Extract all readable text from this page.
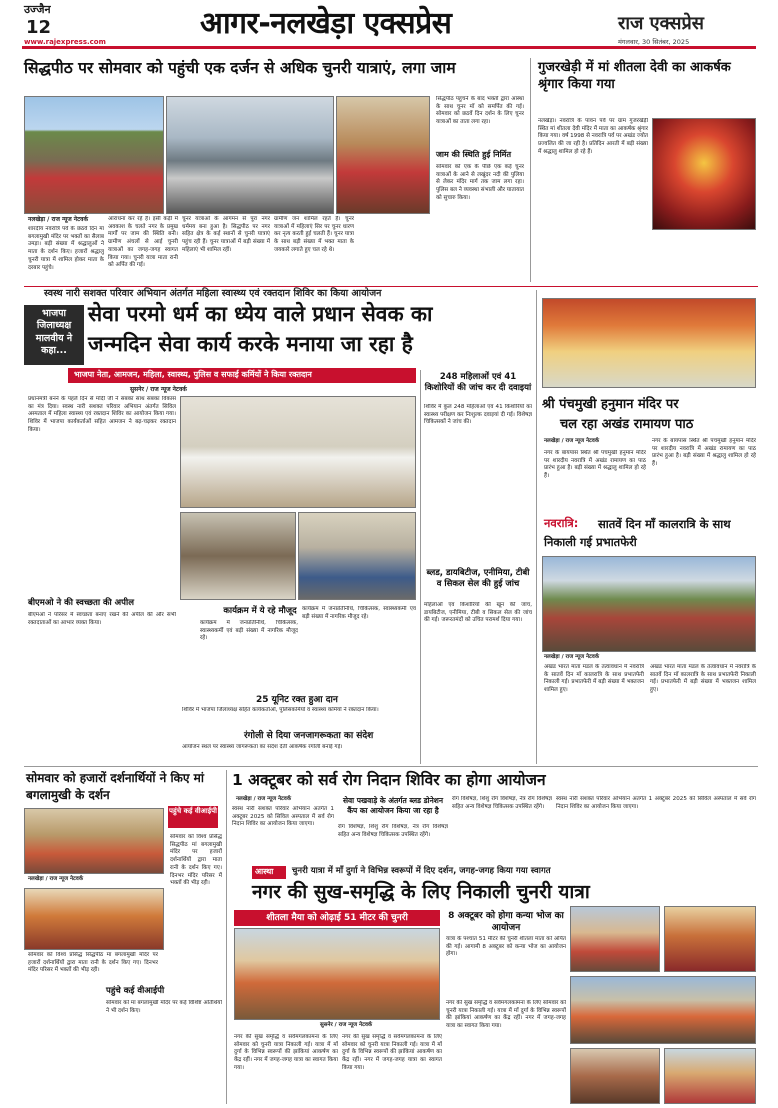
उज्जैन
12	आगर-नलखेड़ा एक्सप्रेस	राज एक्सप्रेस
www.rajexpress.com	मंगलवार, 30 सितंबर, 2025
सिद्धपीठ पर सोमवार को पहुंची एक दर्जन से अधिक चुनरी यात्राएं, लगा जाम
नलखेड़ा / राज न्यूज नेटवर्क
शारदीय नवरात्रि पर्व के छठवें दिन मां बगलामुखी मंदिर पर भक्तों का सैलाब उमड़ा। बड़ी संख्या में श्रद्धालुओं ने माता के दर्शन किए। हजारों श्रद्धालु चुनरी यात्रा में शामिल होकर माता के दरबार पहुंचे।
आराधना कर रहे हैं। इसी कड़ी में अवकाश के चलते नगर के प्रमुख मार्गों पर जाम की स्थिति बनी। ग्रामीण अंचलों से आई चुनरी यात्राओं का जगह-जगह स्वागत किया गया। चुनरी यात्रा माता रानी को अर्पित की गई।
चुनर यात्राओं के आगमन से पूरा नगर धर्ममय बना हुआ है। सिद्धपीठ पर नगर सहित क्षेत्र के कई स्थानों से चुनरी यात्राएं पहुंच रही हैं। चुनर यात्राओं में बड़ी संख्या में महिलाएं भी शामिल रहीं।
ग्रामीण जन शामिल रहते हैं। चुनर यात्राओं में महिलाएं सिर पर चुनर धारण कर नृत्य करती हुई चलती हैं। चुनर यात्रा के साथ बड़ी संख्या में भक्त माता के जयकारे लगाते हुए चल रहे थे।
सिद्धपीठ पहुंचने के बाद भक्तों द्वारा आस्था के साथ चुनर माँ को समर्पित की गई। सोमवार को छठवें दिन दर्शन के लिए चुनर यात्राओं का ताता लगा रहा।
जाम की स्थिति हुई निर्मित
सोमवार को एक के पीछे एक कई चुनर यात्राओं के आने से लखुंदर नदी की पुलिया से लेकर मंदिर मार्ग तक जाम लगा रहा। पुलिस बल ने व्यवस्था संभाली और यातायात को सुचारु किया।
गुजरखेड़ी में मां शीतला देवी का आकर्षक श्रृंगार किया गया
नलखेड़ा। नवरात्रि के पावन पर्व पर ग्राम गुजरखेड़ी स्थित मां शीतला देवी मंदिर में माता का आकर्षक श्रृंगार किया गया। वर्ष 1998 से नवरात्रि पर्व पर अखंड ज्योत प्रज्वलित की जा रही है। प्रतिदिन आरती में बड़ी संख्या में श्रद्धालु शामिल हो रहे हैं।
स्वस्थ नारी सशक्त परिवार अभियान अंतर्गत महिला स्वास्थ्य एवं रक्तदान शिविर का किया आयोजन
भाजपा जिलाध्यक्ष मालवीय ने कहा...
सेवा परमो धर्म का ध्येय वाले प्रधान सेवक का
जन्मदिन सेवा कार्य करके मनाया जा रहा है
भाजपा नेता, आमजन, महिला, स्वास्थ्य, पुलिस व सफाई कर्मियों ने किया रक्तदान
सुसनेर / राज न्यूज नेटवर्क
प्रधानमंत्री बनने के पहले दिन से मोदी जी ने सबका साथ सबका विकास का मंत्र दिया। स्वस्थ नारी सशक्त परिवार अभियान अंतर्गत सिविल अस्पताल में महिला स्वास्थ्य एवं रक्तदान शिविर का आयोजन किया गया। शिविर में भाजपा कार्यकर्ताओं सहित आमजन ने बढ़-चढ़कर रक्तदान किया।
बीएमओ ने की स्वच्छता की अपील
बीएमओ ने परिसर में स्वच्छता बनाए रखने की अपील की और सभी रक्तदाताओं का आभार व्यक्त किया।
कार्यक्रम में ये रहे मौजूद
कार्यक्रम में जनप्रतिनिधि, चिकित्सक, स्वास्थ्यकर्मी एवं बड़ी संख्या में नागरिक मौजूद रहे।
कार्यक्रम में जनप्रतिनिधि, चिकित्सक, स्वास्थ्यकर्मी एवं बड़ी संख्या में नागरिक मौजूद रहे।
25 यूनिट रक्त हुआ दान
शिविर में भाजपा जिलाध्यक्ष सहित कार्यकर्ताओं, पुलिसकर्मियों व स्वास्थ्य कर्मियों ने रक्तदान किया।
रंगोली से दिया जनजागरूकता का संदेश
आयोजन स्थल पर स्वास्थ्य जागरूकता का संदेश देती आकर्षक रंगोली बनाई गई।
248 महिलाओं एवं 41 किशोरियों की जांच कर दी दवाइयां
शिविर में कुल 248 महिलाओं एवं 41 किशोरियों का स्वास्थ्य परीक्षण कर निःशुल्क दवाइयां दी गई। विशेषज्ञ चिकित्सकों ने जांच की।
ब्लड, डायबिटीज, एनीमिया, टीबी व सिकल सेल की हुई जांच
महिलाओं एवं किशोरियों की खून की जांच, डायबिटीज, एनीमिया, टीबी व सिकल सेल की जांच की गई। जरूरतमंदों को उचित परामर्श दिया गया।
श्री पंचमुखी हनुमान मंदिर पर
चल रहा अखंड रामायण पाठ
नलखेड़ा / राज न्यूज नेटवर्क
नगर के बायपास स्थित श्री पंचमुखी हनुमान मंदिर पर शारदीय नवरात्रि में अखंड रामायण का पाठ प्रारंभ हुआ है। बड़ी संख्या में श्रद्धालु शामिल हो रहे हैं।
नगर के बायपास स्थित श्री पंचमुखी हनुमान मंदिर पर शारदीय नवरात्रि में अखंड रामायण का पाठ प्रारंभ हुआ है। बड़ी संख्या में श्रद्धालु शामिल हो रहे हैं।
नवरात्रि:	सातवें दिन माँ कालरात्रि के साथ निकाली गई प्रभातफेरी
नलखेड़ा / राज न्यूज नेटवर्क
अखंड भारत माता मंडल के तत्वावधान में नवरात्रि के सातवें दिन माँ कालरात्रि के साथ प्रभातफेरी निकाली गई। प्रभातफेरी में बड़ी संख्या में भक्तजन शामिल हुए।
अखंड भारत माता मंडल के तत्वावधान में नवरात्रि के सातवें दिन माँ कालरात्रि के साथ प्रभातफेरी निकाली गई। प्रभातफेरी में बड़ी संख्या में भक्तजन शामिल हुए।
सोमवार को हजारों दर्शनार्थियों ने किए मां बगलामुखी के दर्शन
पहुंचे कई वीआईपी
नलखेड़ा / राज न्यूज नेटवर्क
सोमवार को विश्व प्रसिद्ध सिद्धपीठ मां बगलामुखी मंदिर पर हजारों दर्शनार्थियों द्वारा माता रानी के दर्शन किए गए। दिनभर मंदिर परिसर में भक्तों की भीड़ रही।
सोमवार को विश्व प्रसिद्ध सिद्धपीठ मां बगलामुखी मंदिर पर हजारों दर्शनार्थियों द्वारा माता रानी के दर्शन किए गए। दिनभर मंदिर परिसर में भक्तों की भीड़ रही।
पहुंचे कई वीआईपी
सोमवार को मां बगलामुखी मंदिर पर कई विशिष्ट अतिथियों ने भी दर्शन किए।
1 अक्टूबर को सर्व रोग निदान शिविर का होगा आयोजन
नलखेड़ा / राज न्यूज नेटवर्क
स्वस्थ नारी सशक्त परिवार अभियान अंतर्गत 1 अक्टूबर 2025 को सिविल अस्पताल में सर्व रोग निदान शिविर का आयोजन किया जाएगा।
सेवा पखवाड़े के अंतर्गत ब्लड डोनेशन कैंप का आयोजन किया जा रहा है
रोग विशेषज्ञ, शिशु रोग विशेषज्ञ, नेत्र रोग विशेषज्ञ सहित अन्य विशेषज्ञ चिकित्सक उपस्थित रहेंगे।
रोग विशेषज्ञ, शिशु रोग विशेषज्ञ, नेत्र रोग विशेषज्ञ सहित अन्य विशेषज्ञ चिकित्सक उपस्थित रहेंगे।
स्वस्थ नारी सशक्त परिवार अभियान अंतर्गत 1 अक्टूबर 2025 को सिविल अस्पताल में सर्व रोग निदान शिविर का आयोजन किया जाएगा।
आस्था	चुनरी यात्रा में माँ दुर्गा ने विभिन्न स्वरूपों में दिए दर्शन, जगह-जगह किया गया स्वागत
नगर की सुख-समृद्धि के लिए निकाली चुनरी यात्रा
शीतला मैया को ओढ़ाई 51 मीटर की चुनरी
सुसनेर / राज न्यूज नेटवर्क
नगर की सुख समृद्धि व सर्वमंगलकामना के लिए सोमवार को चुनरी यात्रा निकाली गई। यात्रा में माँ दुर्गा के विभिन्न स्वरूपों की झांकियां आकर्षण का केंद्र रहीं। नगर में जगह-जगह यात्रा का स्वागत किया गया।
नगर की सुख समृद्धि व सर्वमंगलकामना के लिए सोमवार को चुनरी यात्रा निकाली गई। यात्रा में माँ दुर्गा के विभिन्न स्वरूपों की झांकियां आकर्षण का केंद्र रहीं। नगर में जगह-जगह यात्रा का स्वागत किया गया।
8 अक्टूबर को होगा कन्या भोज का आयोजन
यात्रा के पश्चात 51 मीटर की चुनरी शीतला माता को अर्पित की गई। आगामी 8 अक्टूबर को कन्या भोज का आयोजन होगा।
नगर की सुख समृद्धि व सर्वमंगलकामना के लिए सोमवार को चुनरी यात्रा निकाली गई। यात्रा में माँ दुर्गा के विभिन्न स्वरूपों की झांकियां आकर्षण का केंद्र रहीं। नगर में जगह-जगह यात्रा का स्वागत किया गया।
